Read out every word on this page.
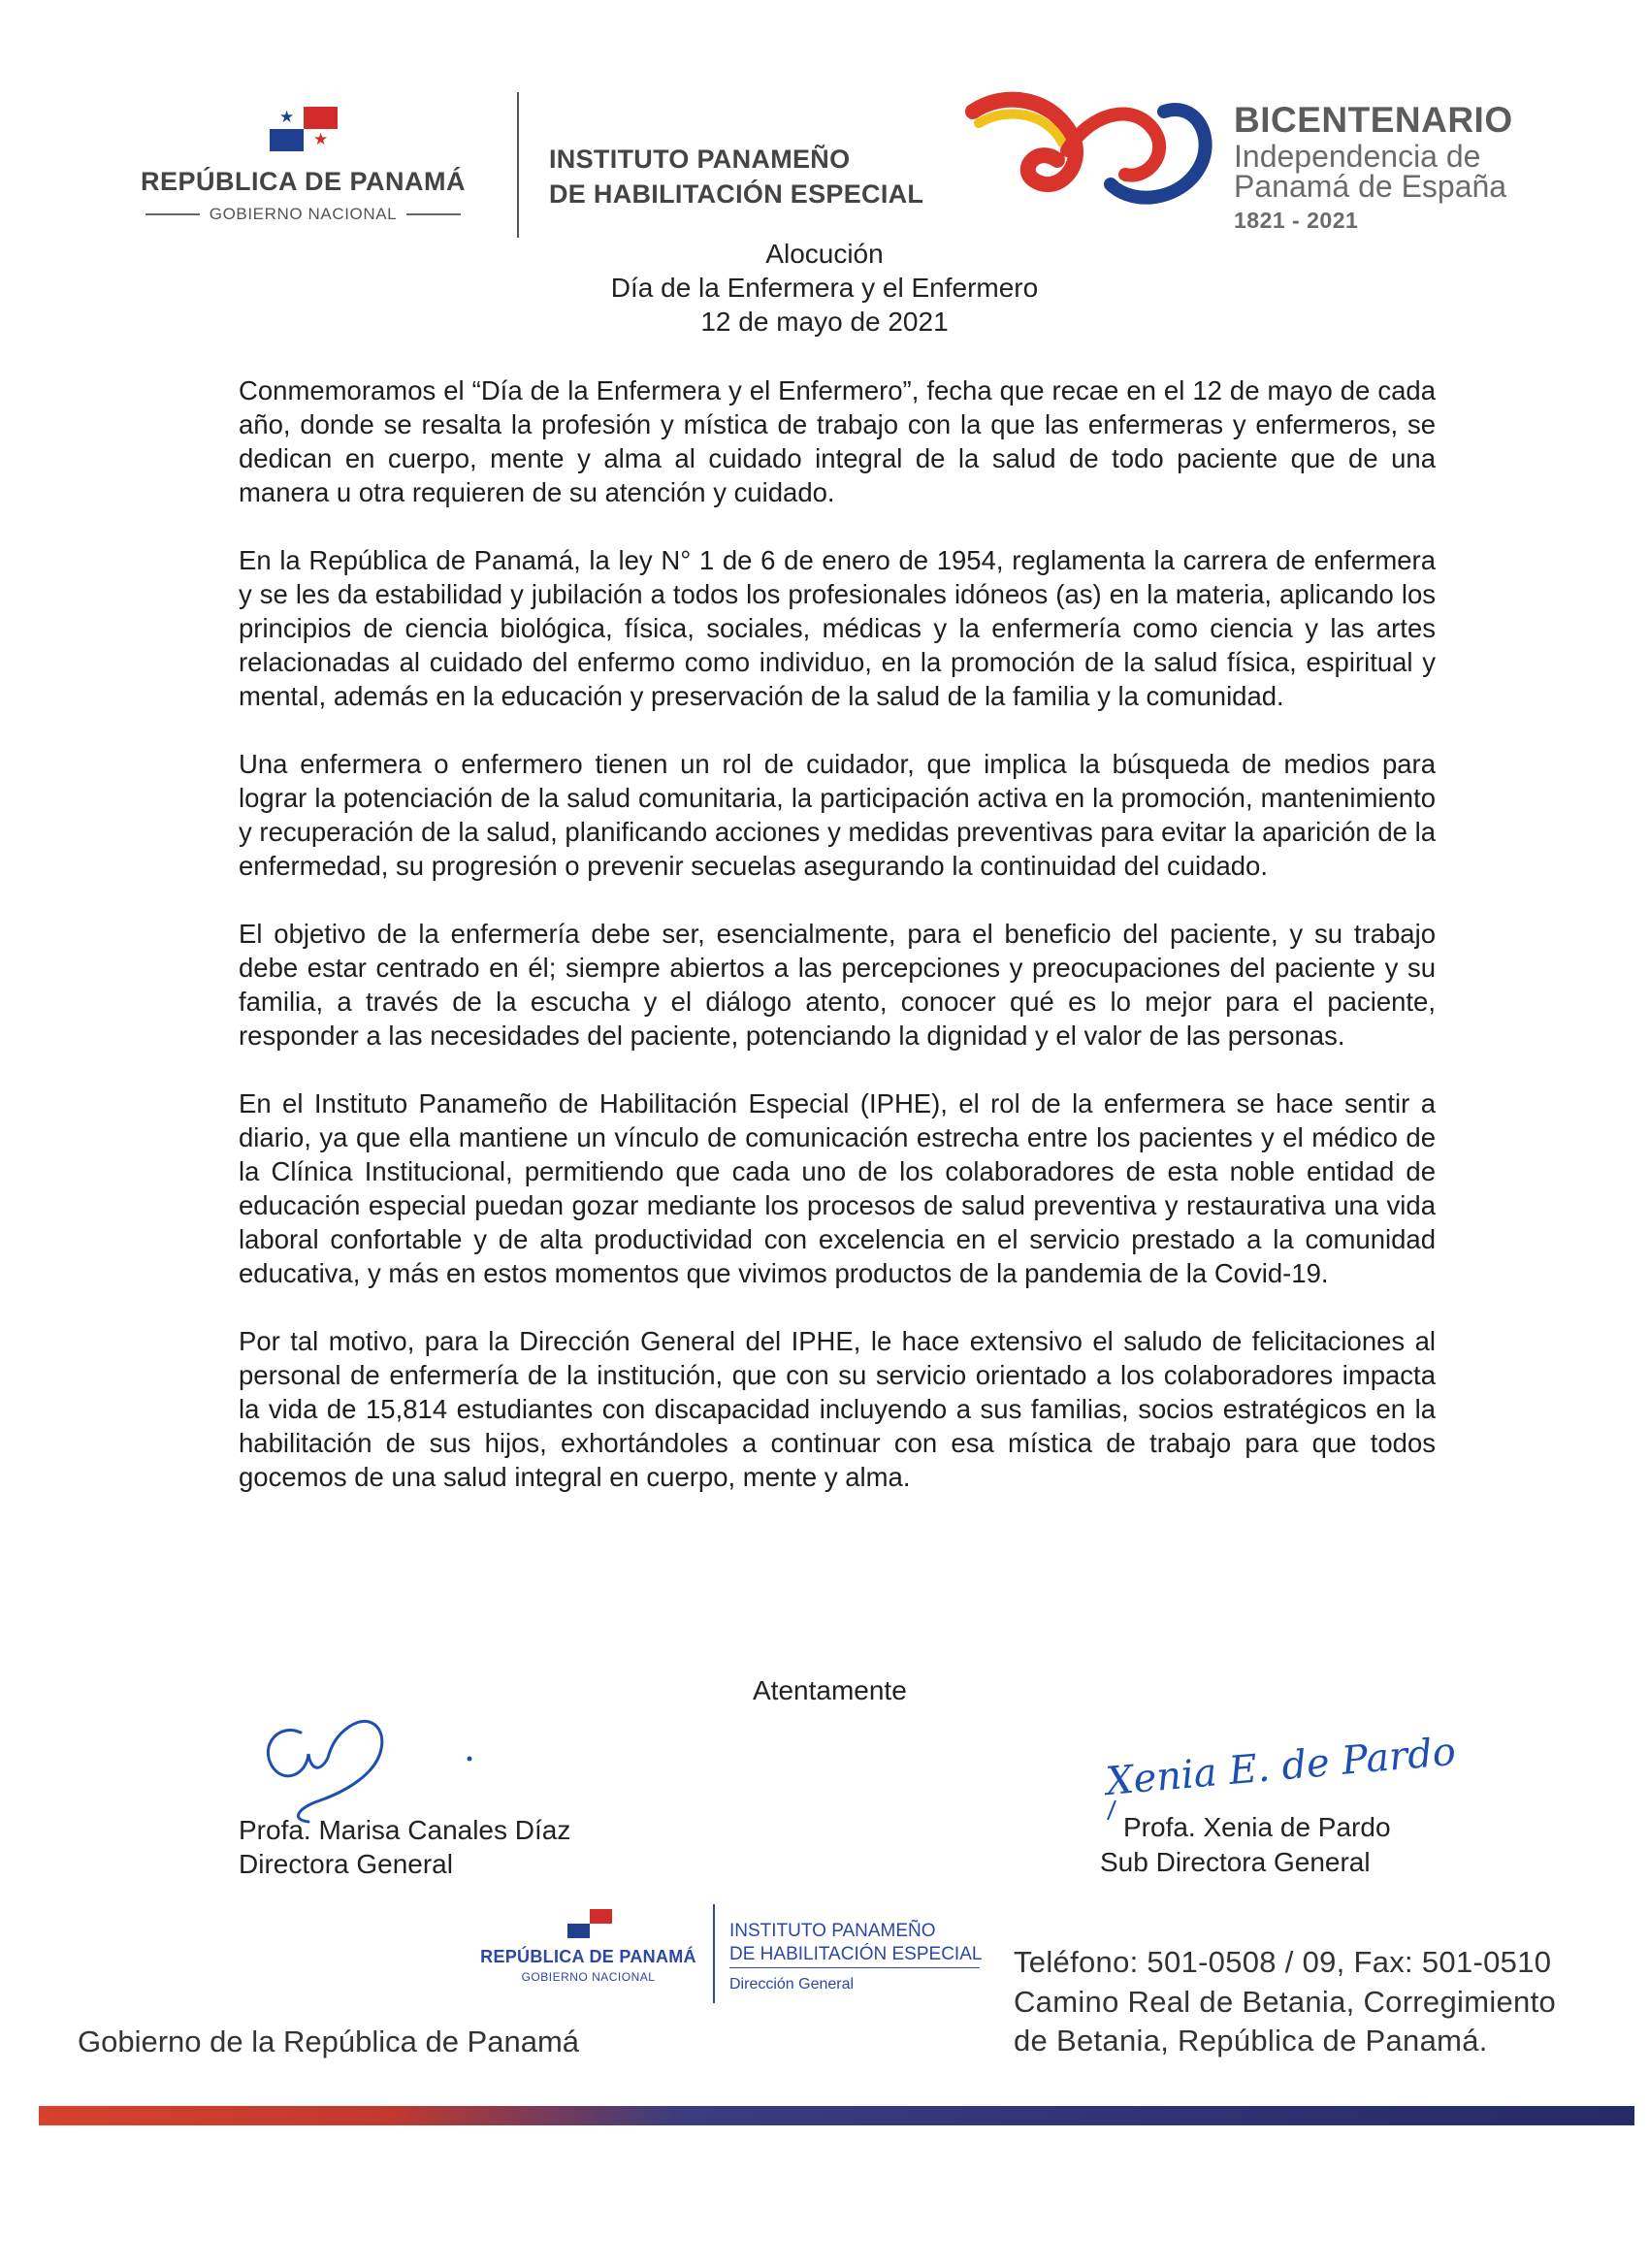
★
★
REPÚBLICA DE PANAMÁ
GOBIERNO NACIONAL
INSTITUTO PANAMEÑO
DE HABILITACIÓN ESPECIAL
BICENTENARIO
Independencia de
Panamá de España
1821 - 2021
Alocución
Día de la Enfermera y el Enfermero
12 de mayo de 2021

Conmemoramos el “Día de la Enfermera y el Enfermero”, fecha que recae en el 12 de mayo de cada año, donde se resalta la profesión y mística de trabajo con la que las enfermeras y enfermeros, se dedican en cuerpo, mente y alma al cuidado integral de la salud de todo paciente que de una manera u otra requieren de su atención y cuidado.

En la República de Panamá, la ley N° 1 de 6 de enero de 1954, reglamenta la carrera de enfermera y se les da estabilidad y jubilación a todos los profesionales idóneos (as) en la materia, aplicando los principios de ciencia biológica, física, sociales, médicas y la enfermería como ciencia y las artes relacionadas al cuidado del enfermo como individuo, en la promoción de la salud física, espiritual y mental, además en la educación y preservación de la salud de la familia y la comunidad.

Una enfermera o enfermero tienen un rol de cuidador, que implica la búsqueda de medios para lograr la potenciación de la salud comunitaria, la participación activa en la promoción, mantenimiento y recuperación de la salud, planificando acciones y medidas preventivas para evitar la aparición de la enfermedad, su progresión o prevenir secuelas asegurando la continuidad del cuidado.

El objetivo de la enfermería debe ser, esencialmente, para el beneficio del paciente, y su trabajo debe estar centrado en él; siempre abiertos a las percepciones y preocupaciones del paciente y su familia, a través de la escucha y el diálogo atento, conocer qué es lo mejor para el paciente, responder a las necesidades del paciente, potenciando la dignidad y el valor de las personas.

En el Instituto Panameño de Habilitación Especial (IPHE), el rol de la enfermera se hace sentir a diario, ya que ella mantiene un vínculo de comunicación estrecha entre los pacientes y el médico de la Clínica Institucional, permitiendo que cada uno de los colaboradores de esta noble entidad de educación especial puedan gozar mediante los procesos de salud preventiva y restaurativa una vida laboral confortable y de alta productividad con excelencia en el servicio prestado a la comunidad educativa, y más en estos momentos que vivimos productos de la pandemia de la Covid-19.

Por tal motivo, para la Dirección General del IPHE, le hace extensivo el saludo de felicitaciones al personal de enfermería de la institución, que con su servicio orientado a los colaboradores impacta la vida de 15,814 estudiantes con discapacidad incluyendo a sus familias, socios estratégicos en la habilitación de sus hijos, exhortándoles a continuar con esa mística de trabajo para que todos gocemos de una salud integral en cuerpo, mente y alma.

Atentamente
Profa. Marisa Canales Díaz
Directora General
Xenia E. de Pardo
Profa. Xenia de Pardo
Sub Directora General
REPÚBLICA DE PANAMÁ
GOBIERNO NACIONAL
INSTITUTO PANAMEÑO
DE HABILITACIÓN ESPECIAL
Dirección General
Teléfono: 501-0508 / 09, Fax: 501-0510
Camino Real de Betania, Corregimiento
de Betania, República de Panamá.
Gobierno de la República de Panamá
